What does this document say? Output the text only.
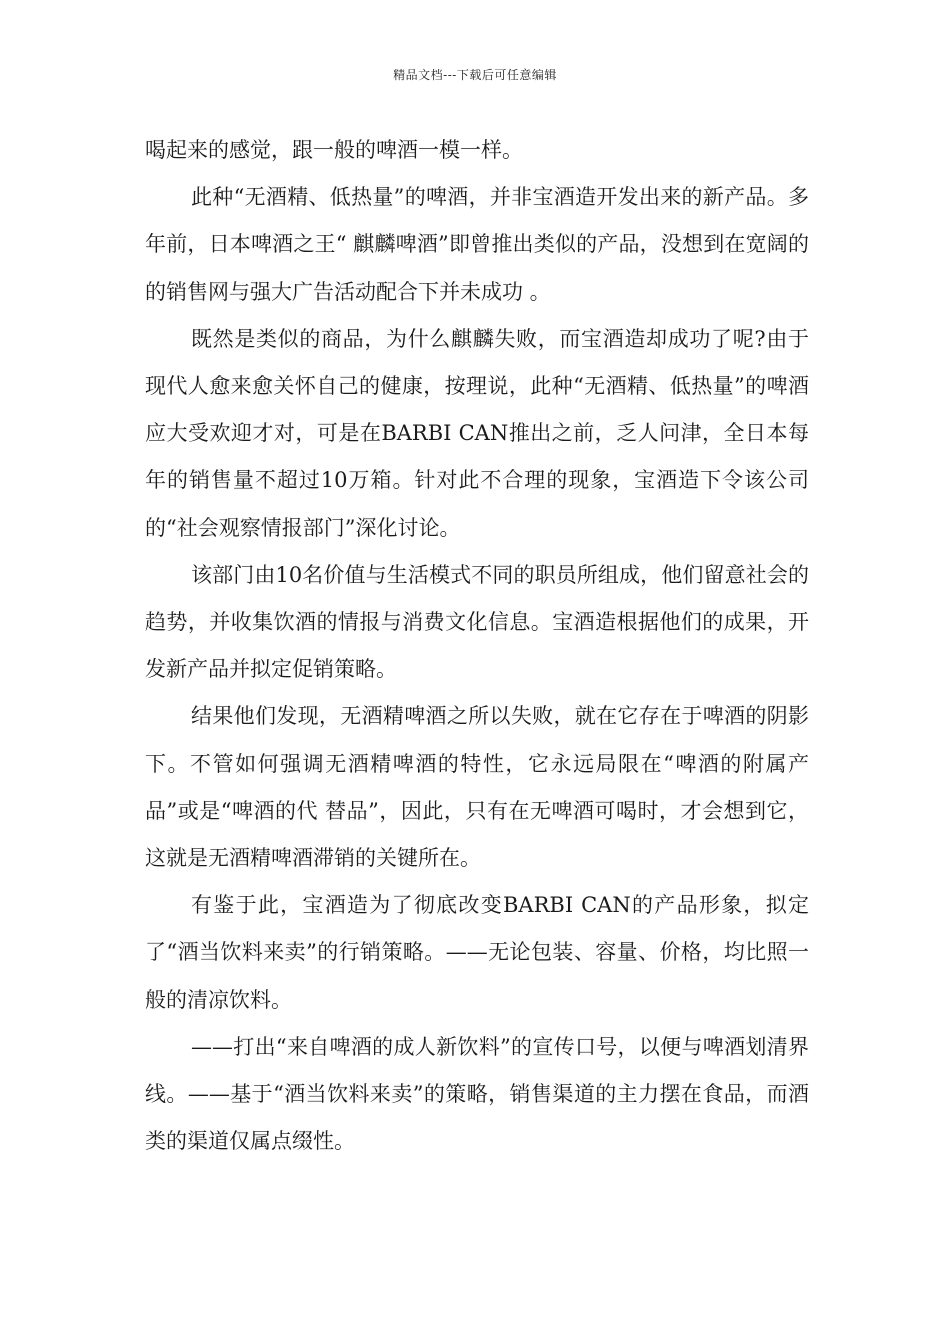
精品文档---下载后可任意编辑

喝起来的感觉，跟一般的啤酒一模一样。

此种“无酒精、低热量”的啤酒，并非宝酒造开发出来的新产品。多年前，日本啤酒之王“ 麒麟啤酒”即曾推出类似的产品，没想到在宽阔的的销售网与强大广告活动配合下并未成功 。

既然是类似的商品，为什么麒麟失败，而宝酒造却成功了呢?由于现代人愈来愈关怀自己的健康，按理说，此种“无酒精、低热量”的啤酒应大受欢迎才对，可是在BARBI CAN推出之前，乏人问津，全日本每年的销售量不超过10万箱。针对此不合理的现象，宝酒造下令该公司的“社会观察情报部门”深化讨论。

该部门由10名价值与生活模式不同的职员所组成，他们留意社会的趋势，并收集饮酒的情报与消费文化信息。宝酒造根据他们的成果，开发新产品并拟定促销策略。

结果他们发现，无酒精啤酒之所以失败，就在它存在于啤酒的阴影下。不管如何强调无酒精啤酒的特性，它永远局限在“啤酒的附属产品”或是“啤酒的代 替品”，因此，只有在无啤酒可喝时，才会想到它，这就是无酒精啤酒滞销的关键所在。

有鉴于此，宝酒造为了彻底改变BARBI CAN的产品形象，拟定了“酒当饮料来卖”的行销策略。——无论包装、容量、价格，均比照一般的清凉饮料。

——打出“来自啤酒的成人新饮料”的宣传口号，以便与啤酒划清界线。——基于“酒当饮料来卖”的策略，销售渠道的主力摆在食品，而酒类的渠道仅属点缀性。
